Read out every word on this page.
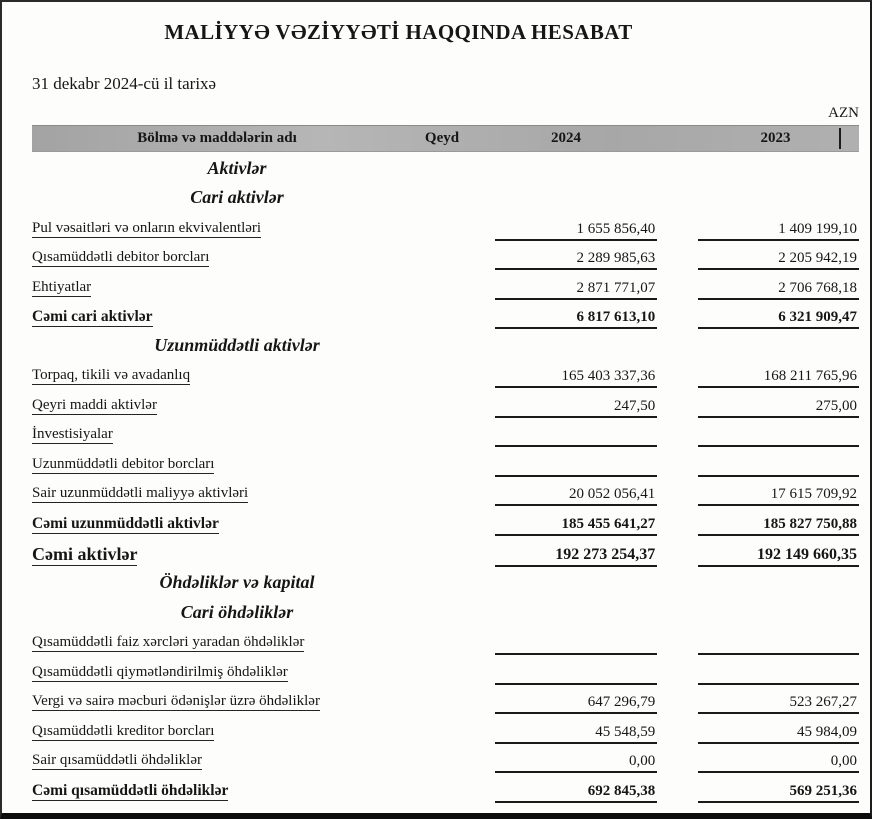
MALİYYƏ VƏZİYYƏTİ HAQQINDA HESABAT
31 dekabr 2024-cü il tarixə
AZN
Bölmə və maddələrin adı	Qeyd	2024	2023
Aktivlər
Cari aktivlər
Pul vəsaitləri və onların ekvivalentləri	1 655 856,40	1 409 199,10
Qısamüddətli debitor borcları	2 289 985,63	2 205 942,19
Ehtiyatlar	2 871 771,07	2 706 768,18
Cəmi cari aktivlər	6 817 613,10	6 321 909,47
Uzunmüddətli aktivlər
Torpaq, tikili və avadanlıq	165 403 337,36	168 211 765,96
Qeyri maddi aktivlər	247,50	275,00
İnvestisiyalar
Uzunmüddətli debitor borcları
Sair uzunmüddətli maliyyə aktivləri	20 052 056,41	17 615 709,92
Cəmi uzunmüddətli aktivlər	185 455 641,27	185 827 750,88
Cəmi aktivlər	192 273 254,37	192 149 660,35
Öhdəliklər və kapital
Cari öhdəliklər
Qısamüddətli faiz xərcləri yaradan öhdəliklər
Qısamüddətli qiymətləndirilmiş öhdəliklər
Vergi və sairə məcburi ödənişlər üzrə öhdəliklər	647 296,79	523 267,27
Qısamüddətli kreditor borcları	45 548,59	45 984,09
Sair qısamüddətli öhdəliklər	0,00	0,00
Cəmi qısamüddətli öhdəliklər	692 845,38	569 251,36
